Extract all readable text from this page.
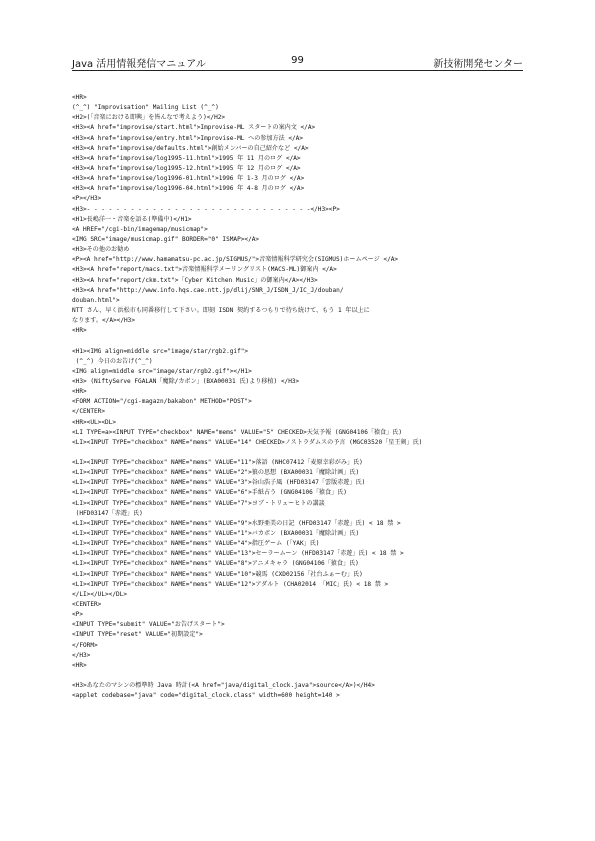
Java 活用情報発信マニュアル	99	新技術開発センター
<HR>
(^_^) "Improvisation" Mailing List (^_^)
<H2>(「音楽における即興」を皆んなで考えよう)</H2>
<H3><A href="improvise/start.html">Improvise-ML スタートの案内文 </A>
<H3><A href="improvise/entry.html">Improvise-ML への参加方法 </A>
<H3><A href="improvise/defaults.html">創始メンバーの自己紹介など </A>
<H3><A href="improvise/log1995-11.html">1995 年 11 月のログ </A>
<H3><A href="improvise/log1995-12.html">1995 年 12 月のログ </A>
<H3><A href="improvise/log1996-01.html">1996 年 1-3 月のログ </A>
<H3><A href="improvise/log1996-04.html">1996 年 4-8 月のログ </A>
<P></H3>
<H3>- - - - - - - - - - - - - - - - - - - - - - - - - - - - - - -</H3><P>
<H1>長嶋洋一・音楽を語る(準備中)</H1>
<A HREF="/cgi-bin/imagemap/musicmap">
<IMG SRC="image/musicmap.gif" BORDER="0" ISMAP></A>
<H3>その他のお勧め
<P><A href="http://www.hamamatsu-pc.ac.jp/SIGMUS/">音楽情報科学研究会(SIGMUS)ホームページ </A>
<H3><A href="report/macs.txt">音楽情報科学メーリングリスト(MACS-ML)御案内 </A>
<H3><A href="report/ckm.txt">「Cyber Kitchen Music」の御案内</A></H3>
<H3><A href="http://www.info.hqs.cae.ntt.jp/dlij/SNR_J/ISDN_J/IC_J/douban/
douban.html">
NTT さん、早く浜松市も同番移行して下さい。即刻 ISDN 契約するつもりで待ち続けて、もう 1 年以上に
なります。</A></H3>
<HR>
<H1><IMG align=middle src="image/star/rgb2.gif">
(^_^) 今日のお告げ(^_^)
<IMG align=middle src="image/star/rgb2.gif"></H1>
<H3> (NiftyServe FGALAN「魔除/カボン」(BXA00031 氏)より移植) </H3>
<HR>
<FORM ACTION="/cgi-magazn/bakabon" METHOD="POST">
</CENTER>
<HR><UL><DL>
<LI TYPE=a><INPUT TYPE="checkbox" NAME="mems" VALUE="5" CHECKED>天気予報 (GNG04106「猿食」氏)
<LI><INPUT TYPE="checkbox" NAME="mems" VALUE="14" CHECKED>ノストラダムスの予言 (MGC03520「星王剣」氏)
<LI><INPUT TYPE="checkbox" NAME="mems" VALUE="11">落語 (NHC07412「麦原幸彩がみ」氏)
<LI><INPUT TYPE="checkbox" NAME="mems" VALUE="2">狼の思想 (BXA00031「魔除計画」氏)
<LI><INPUT TYPE="checkbox" NAME="mems" VALUE="3">谷山浩子風 (HFD03147「雲版赤遊」氏)
<LI><INPUT TYPE="checkbox" NAME="mems" VALUE="6">手紙占う (GNG04106「猿食」氏)
<LI><INPUT TYPE="checkbox" NAME="mems" VALUE="7">ヨブ・トリューヒトの講談
(HFD03147「赤遊」氏)
<LI><INPUT TYPE="checkbox" NAME="mems" VALUE="9">水野亜美の日記 (HFD03147「赤遊」氏) < 18 禁 >
<LI><INPUT TYPE="checkbox" NAME="mems" VALUE="1">バカボン (BXA00031「魔除計画」氏)
<LI><INPUT TYPE="checkbox" NAME="mems" VALUE="4">指圧ゲーム (「YAK」氏)
<LI><INPUT TYPE="checkbox" NAME="mems" VALUE="13">セーラームーン (HFD03147「赤遊」氏) < 18 禁 >
<LI><INPUT TYPE="checkbox" NAME="mems" VALUE="8">アニメキャラ (GNG04106「猿食」氏)
<LI><INPUT TYPE="checkbox" NAME="mems" VALUE="10">競馬 (CXD02156「社台ふぁーむ」氏)
<LI><INPUT TYPE="checkbox" NAME="mems" VALUE="12">アダルト (CHA02014 「MIC」氏) < 18 禁 >
</LI></UL></DL>
<CENTER>
<P>
<INPUT TYPE="submit" VALUE="お告げスタート">
<INPUT TYPE="reset" VALUE="初期設定">
</FORM>
</H3>
<HR>
<H3>あなたのマシンの標準時 Java 時計(<A href="java/digital_clock.java">source</A>)</H4>
<applet codebase="java" code="digital_clock.class" width=600 height=140 >
